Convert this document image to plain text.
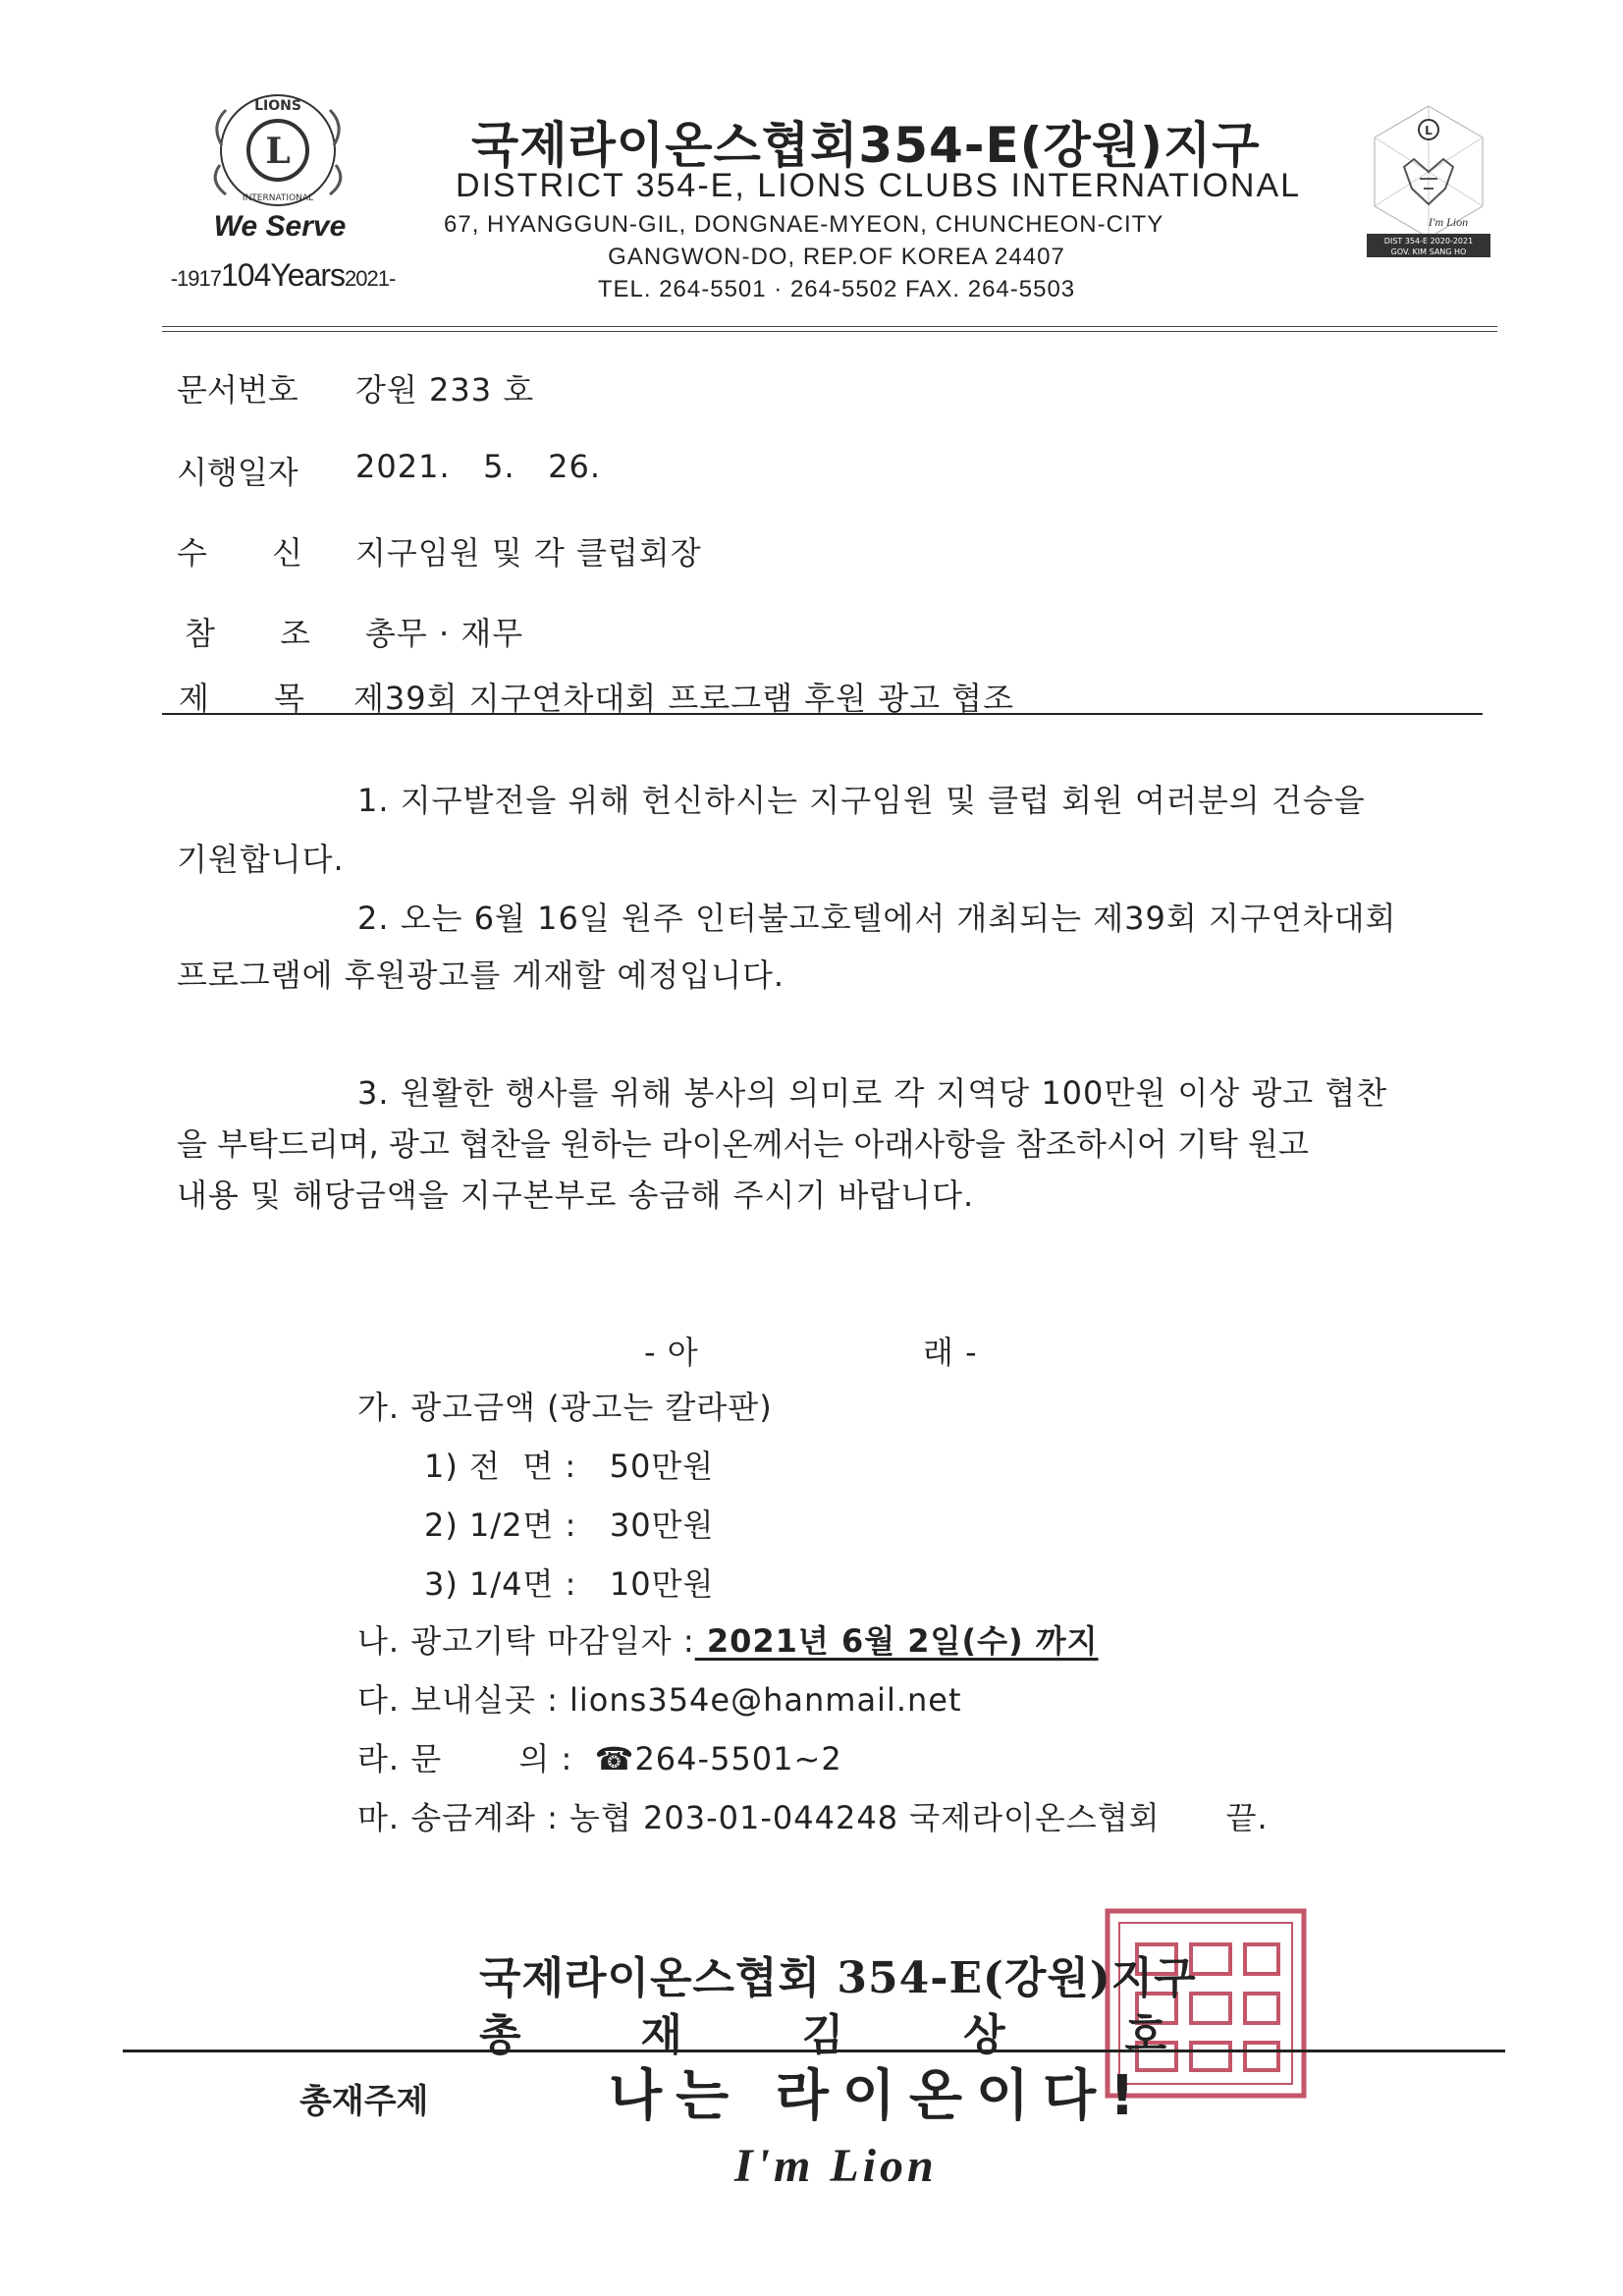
LIONS
L
INTERNATIONAL
We Serve
-1917104Years2021-
국제라이온스협회354-E(강원)지구
DISTRICT 354-E, LIONS CLUBS INTERNATIONAL
67, HYANGGUN-GIL, DONGNAE-MYEON, CHUNCHEON-CITY
GANGWON-DO, REP.OF KOREA 24407
TEL. 264-5501 · 264-5502 FAX. 264-5503
L
I'm Lion
DIST 354-E 2020-2021
GOV. KIM SANG HO
문서번호 강원 233 호
시행일자 2021.   5.   26.
수 신 지구임원 및 각 클럽회장
참 조 총무 · 재무
제 목 제39회 지구연차대회 프로그램 후원 광고 협조
1. 지구발전을 위해 헌신하시는 지구임원 및 클럽 회원 여러분의 건승을
기원합니다.
2. 오는 6월 16일 원주 인터불고호텔에서 개최되는 제39회 지구연차대회
프로그램에 후원광고를 게재할 예정입니다.
3. 원활한 행사를 위해 봉사의 의미로 각 지역당 100만원 이상 광고 협찬
을 부탁드리며, 광고 협찬을 원하는 라이온께서는 아래사항을 참조하시어 기탁 원고
내용 및 해당금액을 지구본부로 송금해 주시기 바랍니다.
- 아	래 -
가. 광고금액 (광고는 칼라판)
1) 전  면 :   50만원
2) 1/2면 :   30만원
3) 1/4면 :   10만원
나. 광고기탁 마감일자 : 2021년 6월 2일(수) 까지
다. 보내실곳 : lions354e@hanmail.net
라. 문       의 :  ☎264-5501~2
마. 송금계좌 : 농협 203-01-044248 국제라이온스협회      끝.
국제라이온스협회 354-E(강원)지구
총	재	김	상	호
총재주제	나는 라이온이다!
I'm Lion
